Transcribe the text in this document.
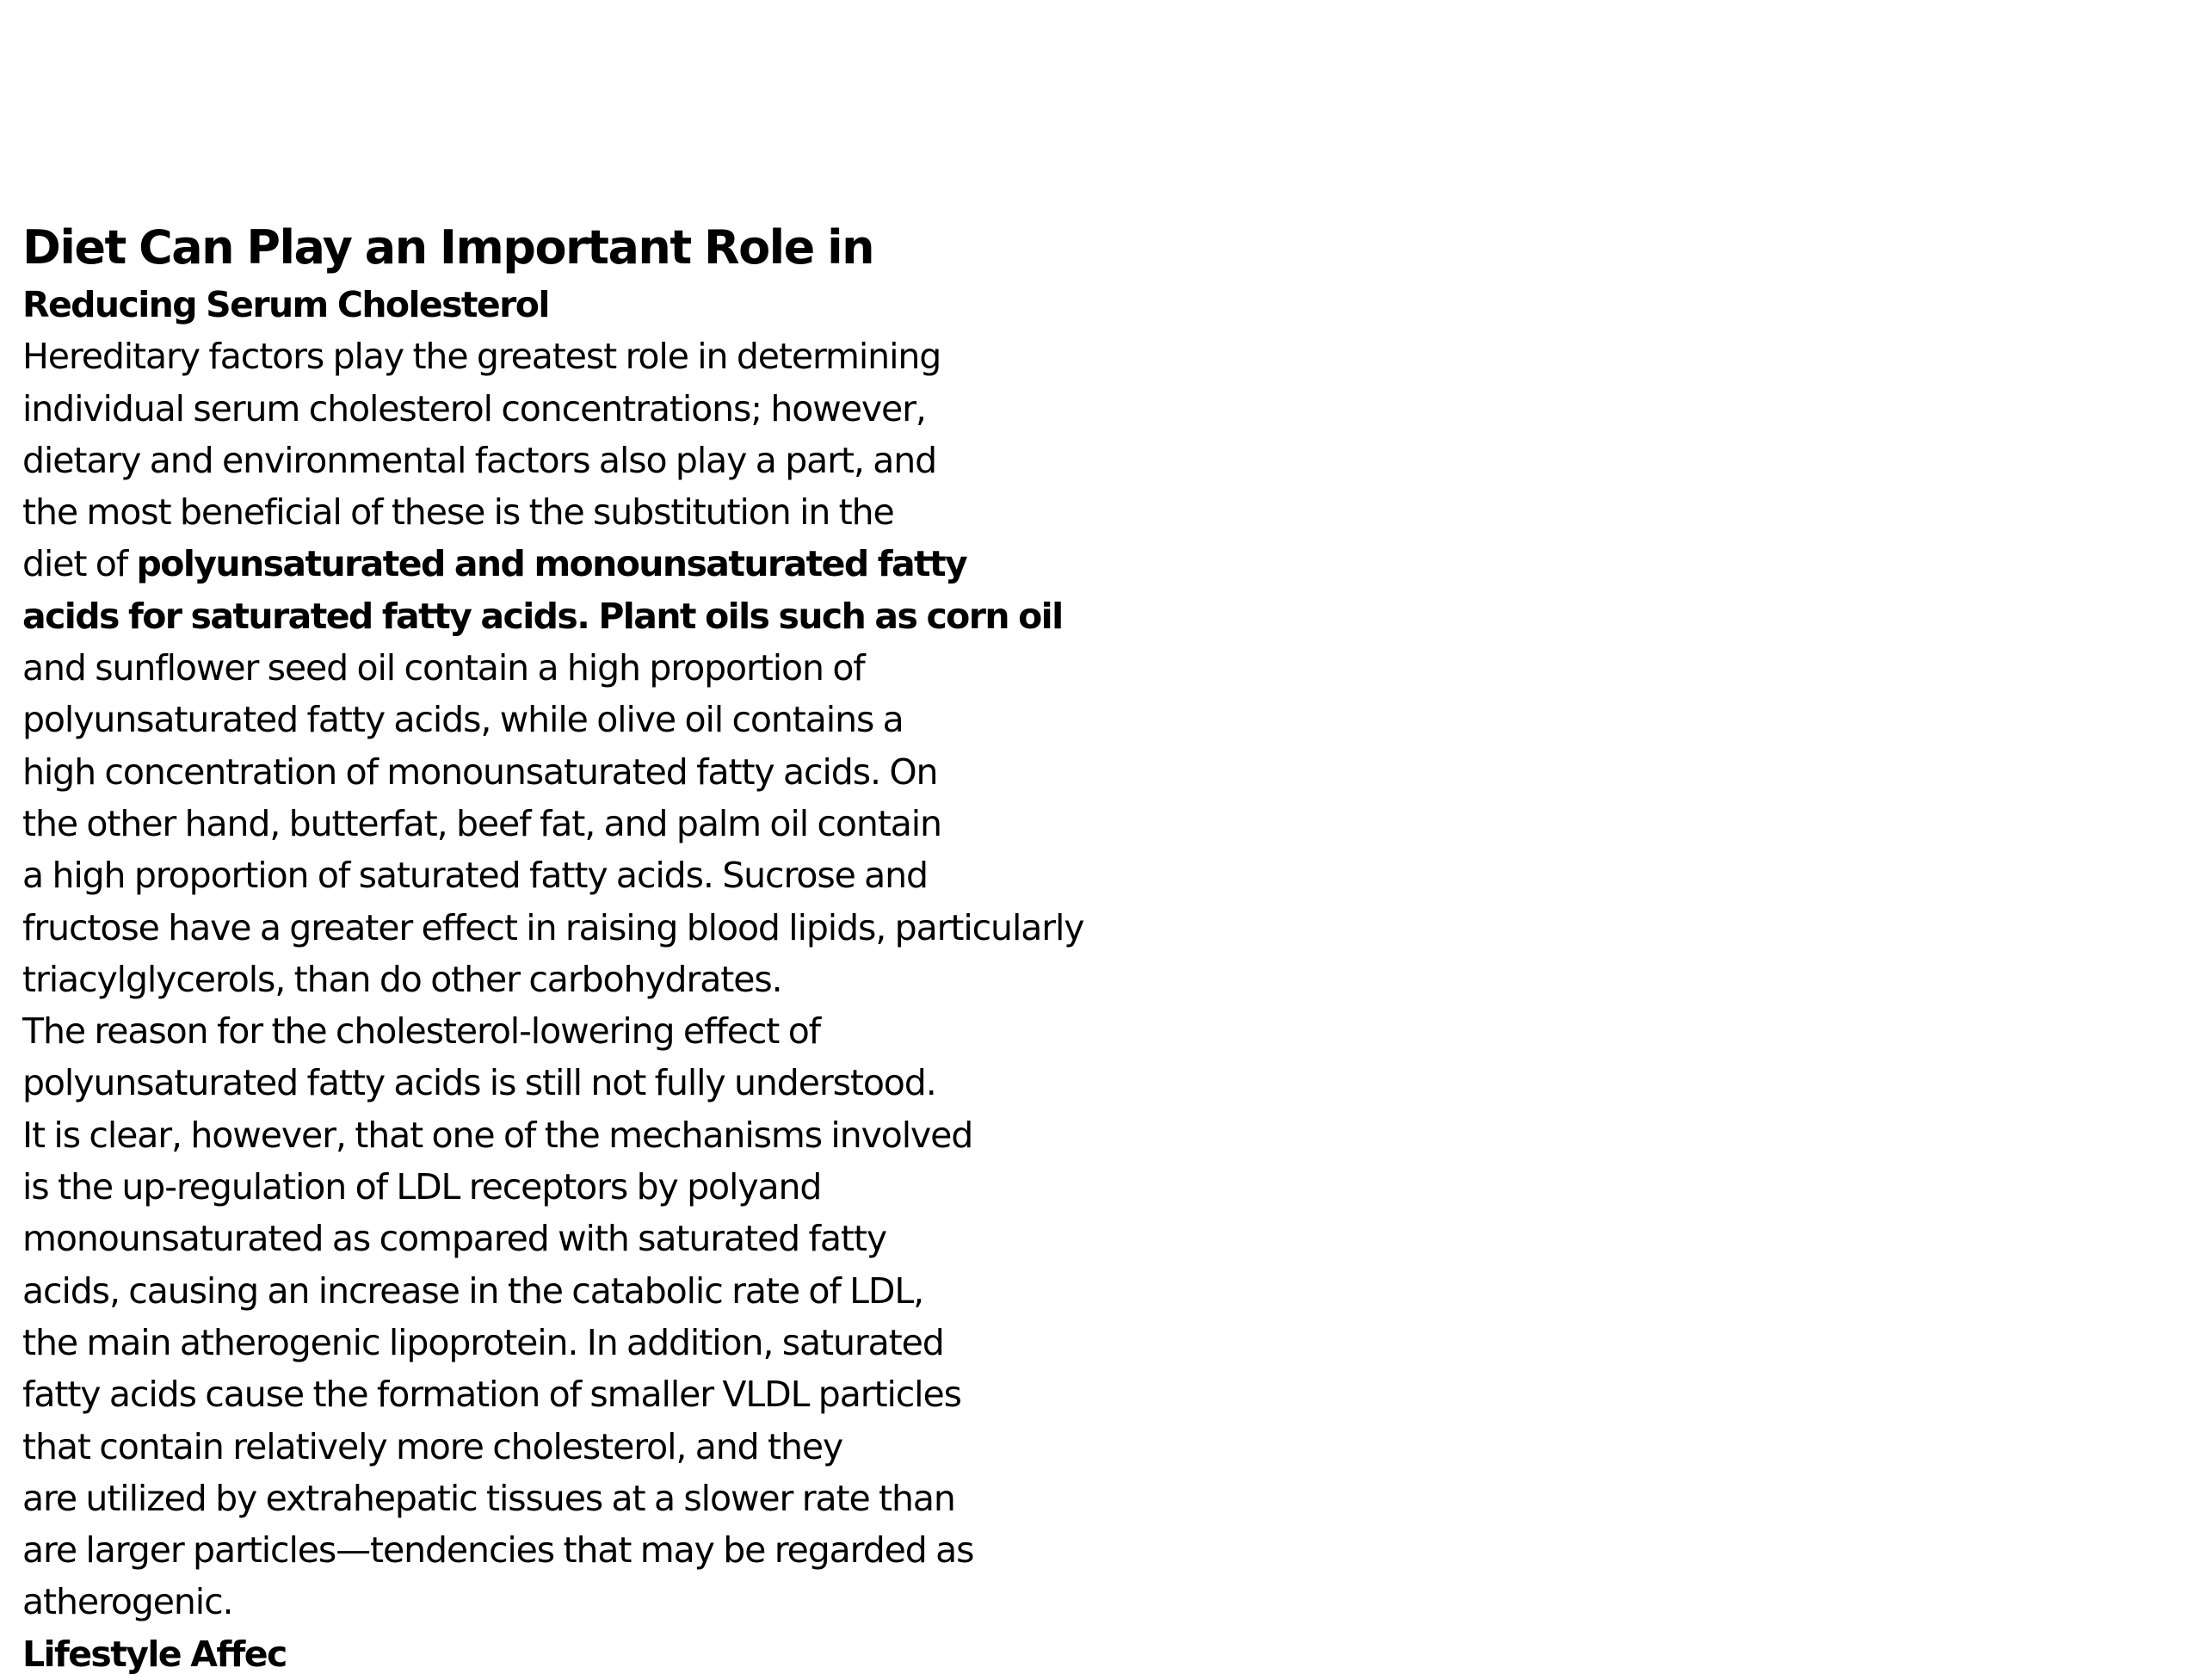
Diet Can Play an Important Role in
Reducing Serum Cholesterol
Hereditary factors play the greatest role in determining
individual serum cholesterol concentrations; however,
dietary and environmental factors also play a part, and
the most beneficial of these is the substitution in the
diet of polyunsaturated and monounsaturated fatty
acids for saturated fatty acids. Plant oils such as corn oil
and sunflower seed oil contain a high proportion of
polyunsaturated fatty acids, while olive oil contains a
high concentration of monounsaturated fatty acids. On
the other hand, butterfat, beef fat, and palm oil contain
a high proportion of saturated fatty acids. Sucrose and
fructose have a greater effect in raising blood lipids, particularly
triacylglycerols, than do other carbohydrates.
The reason for the cholesterol-lowering effect of
polyunsaturated fatty acids is still not fully understood.
It is clear, however, that one of the mechanisms involved
is the up-regulation of LDL receptors by polyand
monounsaturated as compared with saturated fatty
acids, causing an increase in the catabolic rate of LDL,
the main atherogenic lipoprotein. In addition, saturated
fatty acids cause the formation of smaller VLDL particles
that contain relatively more cholesterol, and they
are utilized by extrahepatic tissues at a slower rate than
are larger particles—tendencies that may be regarded as
atherogenic.
Lifestyle Affec
